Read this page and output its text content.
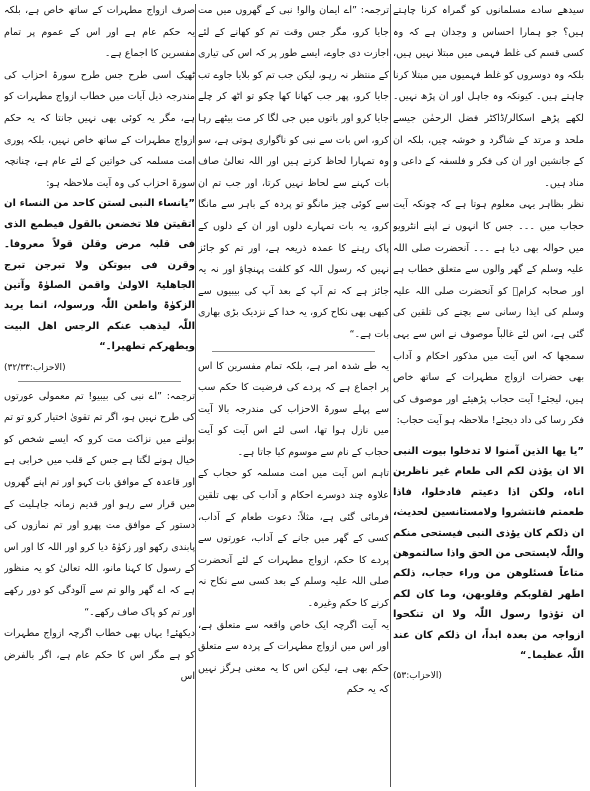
سیدھے سادے مسلمانوں کو گمراہ کرنا چاہتے ہیں؟ جو ہمارا احساس و وجدان ہے کہ وہ کسی قسم کی غلط فہمی میں مبتلا نہیں ہیں، بلکہ وہ دوسروں کو غلط فہمیوں میں مبتلا کرنا چاہتے ہیں۔ کیونکہ وہ جاہل اور ان پڑھ نہیں۔ لکھے پڑھے اسکالر/ڈاکٹر فضل الرحمٰن جیسے ملحد و مرتد کے شاگرد و خوشہ چیں، بلکہ ان کے جانشین اور ان کی فکر و فلسفہ کے داعی و مناد ہیں۔

نظر بظاہر یہی معلوم ہوتا ہے کہ چونکہ آیت حجاب میں ۔۔۔ جس کا انہوں نے اپنے انٹرویو میں حوالہ بھی دیا ہے ۔۔۔ آنحضرت صلی اللہ علیہ وسلم کے گھر والوں سے متعلق خطاب ہے اور صحابہ کرامؓ کو آنحضرت صلی اللہ علیہ وسلم کی ایذا رسانی سے بچنے کی تلقین کی گئی ہے، اس لئے غالباً موصوف نے اس سے یہی سمجھا کہ اس آیت میں مذکور احکام و آداب بھی حضرات ازواج مطہرات کے ساتھ خاص ہیں، لیجئے! آیت حجاب پڑھیئے اور موصوف کی فکر رسا کی داد دیجئے! ملاحظہ ہو آیت حجاب:

”یا یھا الذین آمنوا لا تدخلوا بیوت النبی الا ان یؤذن لکم الی طعام غیر ناظرین اناہ، ولکن اذا دعیتم فادخلوا، فاذا طعمتم فانتشروا ولامستانسین لحدیث، ان ذلکم کان یؤذی النبی فیستحی منکم واللّٰہ لایستحی من الحق واذا سالتموھن متاعاً فسئلوھن من وراء حجاب، ذلکم اطھر لقلوبکم وقلوبھن، وما کان لکم ان تؤذوا رسول اللّٰہ ولا ان تنکحوا ازواجہ من بعدہ ابداً، ان ذلکم کان عند اللّٰہ عظیما۔“

(الاحزاب:۵۳)

ترجمہ: ”اے ایمان والو! نبی کے گھروں میں مت جایا کرو، مگر جس وقت تم کو کھانے کے لئے اجازت دی جاوے، ایسے طور پر کہ اس کی تیاری کے منتظر نہ رہو، لیکن جب تم کو بلایا جاوے تب جایا کرو، پھر جب کھانا کھا چکو تو اٹھ کر چلے جایا کرو اور باتوں میں جی لگا کر مت بیٹھے رہا کرو، اس بات سے نبی کو ناگواری ہوتی ہے، سو وہ تمہارا لحاظ کرتے ہیں اور اللہ تعالیٰ صاف بات کہنے سے لحاظ نہیں کرتا، اور جب تم ان سے کوئی چیز مانگو تو پردہ کے باہر سے مانگا کرو، یہ بات تمہارے دلوں اور ان کے دلوں کے پاک رہنے کا عمدہ ذریعہ ہے، اور تم کو جائز نہیں کہ رسول اللہ کو کلفت پہنچاؤ اور نہ یہ جائز ہے کہ تم آپ کے بعد آپ کی بیبیوں سے کبھی بھی نکاح کرو، یہ خدا کے نزدیک بڑی بھاری بات ہے۔“

یہ طے شدہ امر ہے، بلکہ تمام مفسرین کا اس پر اجماع ہے کہ پردے کی فرضیت کا حکم سب سے پہلے سورۃ الاحزاب کی مندرجہ بالا آیت میں نازل ہوا تھا، اسی لئے اس آیت کو آیت حجاب کے نام سے موسوم کیا جاتا ہے۔

تاہم اس آیت میں امت مسلمہ کو حجاب کے علاوہ چند دوسرے احکام و آداب کی بھی تلقین فرمائی گئی ہے، مثلاً: دعوت طعام کے آداب، کسی کے گھر میں جانے کے آداب، عورتوں سے پردے کا حکم، ازواج مطہرات کے لئے آنحضرت صلی اللہ علیہ وسلم کے بعد کسی سے نکاح نہ کرنے کا حکم وغیرہ۔

یہ آیت اگرچہ ایک خاص واقعہ سے متعلق ہے، اور اس میں ازواج مطہرات کے پردہ سے متعلق حکم بھی ہے، لیکن اس کا یہ معنی ہرگز نہیں کہ یہ حکم

صرف ازواج مطہرات کے ساتھ خاص ہے، بلکہ یہ حکم عام ہے اور اس کے عموم پر تمام مفسرین کا اجماع ہے۔

ٹھیک اسی طرح جس طرح سورۃ احزاب کی مندرجہ ذیل آیات میں خطاب ازواج مطہرات کو ہے، مگر یہ کوئی بھی نہیں جانتا کہ یہ حکم ازواج مطہرات کے ساتھ خاص نہیں، بلکہ پوری امت مسلمہ کی خواتین کے لئے عام ہے، چنانچہ سورۃ احزاب کی وہ آیت ملاحظہ ہو:

”یانساء النبی لستن کاحد من النساء ان اتقیتن فلا تخضعن بالقول فیطمع الذی فی قلبہ مرض وقلن قولاً معروفا۔ وقرن فی بیوتکن ولا تبرجن تبرج الجاھلیۃ الاولیٰ واقمن الصلوٰۃ وآتین الزکوٰۃ واطعن اللّٰہ ورسولہ، انما یرید اللّٰہ لیذھب عنکم الرجس اھل البیت ویطھرکم تطھیرا۔“

(الاحزاب:۳۲/۳۳)

ترجمہ: ”اے نبی کی بیبیو! تم معمولی عورتوں کی طرح نہیں ہو، اگر تم تقویٰ اختیار کرو تو تم بولنے میں نزاکت مت کرو کہ ایسے شخص کو خیال ہونے لگتا ہے جس کے قلب میں خرابی ہے اور قاعدہ کے موافق بات کہو اور تم اپنے گھروں میں قرار سے رہو اور قدیم زمانہ جاہلیت کے دستور کے موافق مت پھرو اور تم نمازوں کی پابندی رکھو اور زکوٰۃ دیا کرو اور اللہ کا اور اس کے رسول کا کہنا مانو، اللہ تعالیٰ کو یہ منظور ہے کہ اے گھر والو تم سے آلودگی کو دور رکھے اور تم کو پاک صاف رکھے۔“

دیکھئے! یہاں بھی خطاب اگرچہ ازواج مطہرات کو ہے مگر اس کا حکم عام ہے، اگر بالفرض اس
